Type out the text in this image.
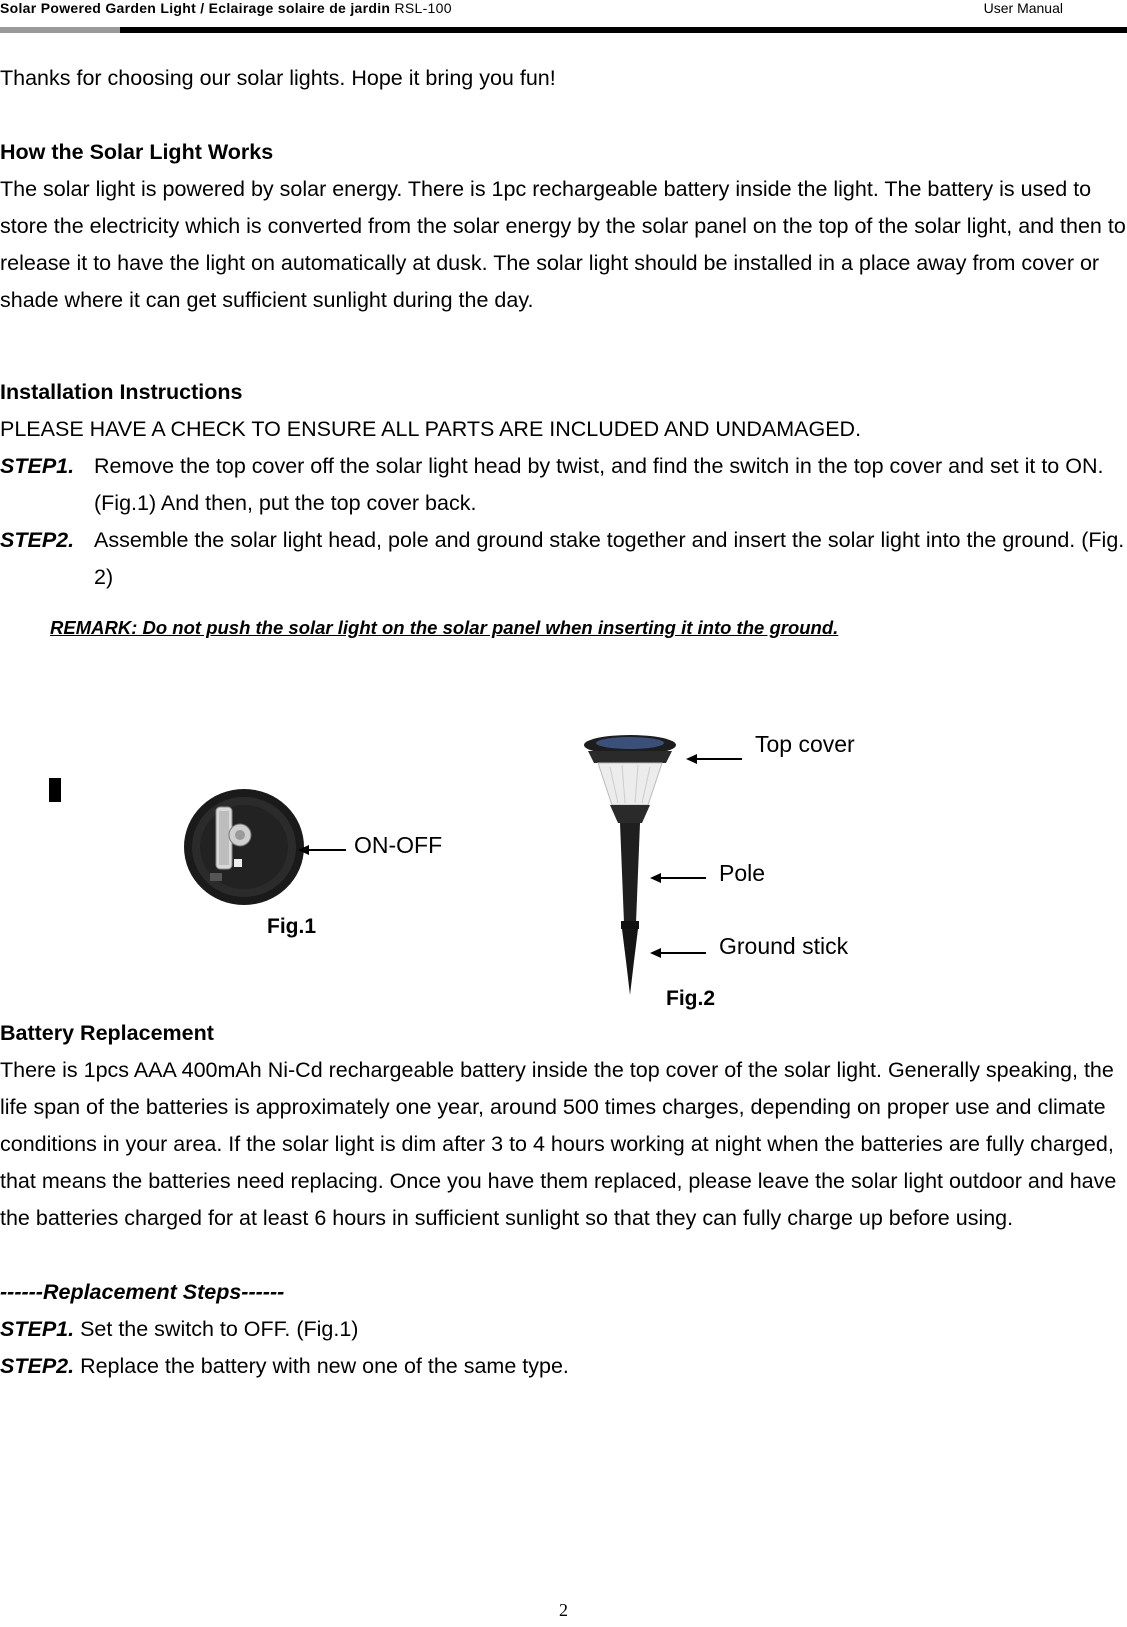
Solar Powered Garden Light / Eclairage solaire de jardin RSL-100	User Manual

Thanks for choosing our solar lights. Hope it bring you fun!

How the Solar Light Works

The solar light is powered by solar energy. There is 1pc rechargeable battery inside the light. The battery is used to store the electricity which is converted from the solar energy by the solar panel on the top of the solar light, and then to release it to have the light on automatically at dusk. The solar light should be installed in a place away from cover or shade where it can get sufficient sunlight during the day.

Installation Instructions

PLEASE HAVE A CHECK TO ENSURE ALL PARTS ARE INCLUDED AND UNDAMAGED.

STEP1. Remove the top cover off the solar light head by twist, and find the switch in the top cover and set it to ON. (Fig.1) And then, put the top cover back.

STEP2. Assemble the solar light head, pole and ground stake together and insert the solar light into the ground. (Fig. 2)

REMARK: Do not push the solar light on the solar panel when inserting it into the ground.

ON-OFF
Fig.1
Top cover
Pole
Ground stick
Fig.2

Battery Replacement

There is 1pcs AAA 400mAh Ni-Cd rechargeable battery inside the top cover of the solar light. Generally speaking, the life span of the batteries is approximately one year, around 500 times charges, depending on proper use and climate conditions in your area. If the solar light is dim after 3 to 4 hours working at night when the batteries are fully charged, that means the batteries need replacing. Once you have them replaced, please leave the solar light outdoor and have the batteries charged for at least 6 hours in sufficient sunlight so that they can fully charge up before using.

------Replacement Steps------

STEP1. Set the switch to OFF. (Fig.1)

STEP2. Replace the battery with new one of the same type.

2
